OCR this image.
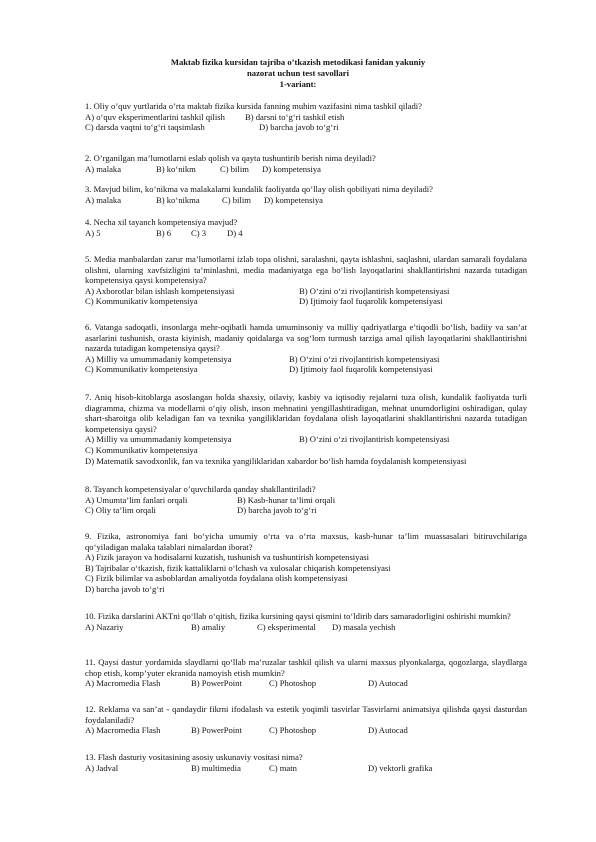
Maktab fizika kursidan tajriba o’tkazish metodikasi fanidan yakuniy
nazorat uchun test savollari
1-variant:
1. Oliy o’quv yurtlarida o’rta maktab fizika kursida fanning muhim vazifasini nima tashkil qiladi?
A) o‘quv eksperimentlarini tashkil qilish B) darsni to‘g‘ri tashkil etish
C) darsda vaqtni to‘g‘ri taqsimlash	D) barcha javob to‘g‘ri
2. O’rganilgan ma’lumotlarni eslab qolish va qayta tushuntirib berish nima deyiladi?
A) malaka	B) ko‘nikm	C) bilim D) kompetensiya
3. Mavjud bilim, ko’nikma va malakalarni kundalik faoliyatda qo’llay olish qobiliyati nima deyiladi?
A) malaka	B) ko‘nikma	C) bilim D) kompetensiya
4. Necha xil tayanch kompetensiya mavjud?
A) 5	B) 6 C) 3 D) 4
5. Media manbalardan zarur ma’lumotlarni izlab topa olishni, saralashni, qayta ishlashni, saqlashni, ulardan samarali foydalana olishni, ularning xavfsizligini ta’minlashni, media madaniyatga ega bo‘lish layoqatlarini shakllantirishni nazarda tutadigan kompetensiya qaysi kompetensiya?
A) Axborotlar bilan ishlash kompetensiyasi	B) O‘zini o‘zi rivojlantirish kompetensiyasi
C) Kommunikativ kompetensiya	D) Ijtimoiy faol fuqarolik kompetensiyasi
6. Vatanga sadoqatli, insonlarga mehr-oqibatli hamda umuminsoniy va milliy qadriyatlarga e’tiqodli bo‘lish, badiiy va san’at asarlarini tushunish, orasta kiyinish, madaniy qoidalarga va sog‘lom turmush tarziga amal qilish layoqatlarini shakllantirishni nazarda tutadigan kompetensiya qaysi?
A) Milliy va umummadaniy kompetensiya	B) O‘zini o‘zi rivojlantirish kompetensiyasi
C) Kommunikativ kompetensiya	D) Ijtimoiy faol fuqarolik kompetensiyasi
7. Aniq hisob-kitoblarga asoslangan holda shaxsiy, oilaviy, kasbiy va iqtisodiy rejalarni tuza olish, kundalik faoliyatda turli diagramma, chizma va modellarni o‘qiy olish, inson mehnatini yengillashtiradigan, mehnat unumdorligini oshiradigan, qulay shart-sharoitga olib keladigan fan va texnika yangiliklaridan foydalana olish layoqatlarini shakllantirishni nazarda tutadigan kompetensiya qaysi?
A) Milliy va umummadaniy kompetensiya	B) O‘zini o‘zi rivojlantirish kompetensiyasi
C) Kommunikativ kompetensiya
D) Matematik savodxonlik, fan va texnika yangiliklaridan xabardor bo‘lish hamda foydalanish kompetensiyasi
8. Tayanch kompetensiyalar o’quvchilarda qanday shakllantiriladi?
A) Umumta’lim fanlari orqali	B) Kasb-hunar ta’limi orqali
C) Oliy ta’lim orqali	D) barcha javob to‘g‘ri
9. Fizika, astronomiya fani bo‘yicha umumiy o‘rta va o‘rta maxsus, kasb-hunar ta’lim muassasalari bitiruvchilariga qo‘yiladigan malaka talablari nimalardan iborat?
A) Fizik jarayon va hodisalarni kuzatish, tushunish va tushuntirish kompetensiyasi
B) Tajribalar o‘tkazish, fizik kattaliklarni o‘lchash va xulosalar chiqarish kompetensiyasi
C) Fizik bilimlar va asboblardan amaliyotda foydalana olish kompetensiyasi
D) barcha javob to‘g‘ri
10. Fizika darslarini AKTni qo‘llab o‘qitish, fizika kursining qaysi qismini to‘ldirib dars samaradorligini oshirishi mumkin?
A) Nazariy	B) amaliy	C) eksperimental D) masala yechish
11. Qaysi dastur yordamida slaydlarni qo‘llab ma’ruzalar tashkil qilish va ularni maxsus plyonkalarga, qogozlarga, slaydlarga chop etish, komp’yuter ekranida namoyish etish mumkin?
A) Macromedia Flash	B) PowerPoint	C) Photoshop	D) Autocad
12. Reklama va san’at - qandaydir fikrni ifodalash va estetik yoqimli tasvirlar Tasvirlarni animatsiya qilishda qaysi dasturdan foydalaniladi?
A) Macromedia Flash	B) PowerPoint	C) Photoshop	D) Autocad
13. Flash dasturiy vositasining asosiy uskunaviy vositasi nima?
A) Jadval	B) multimedia	C) matn	D) vektorli grafika
